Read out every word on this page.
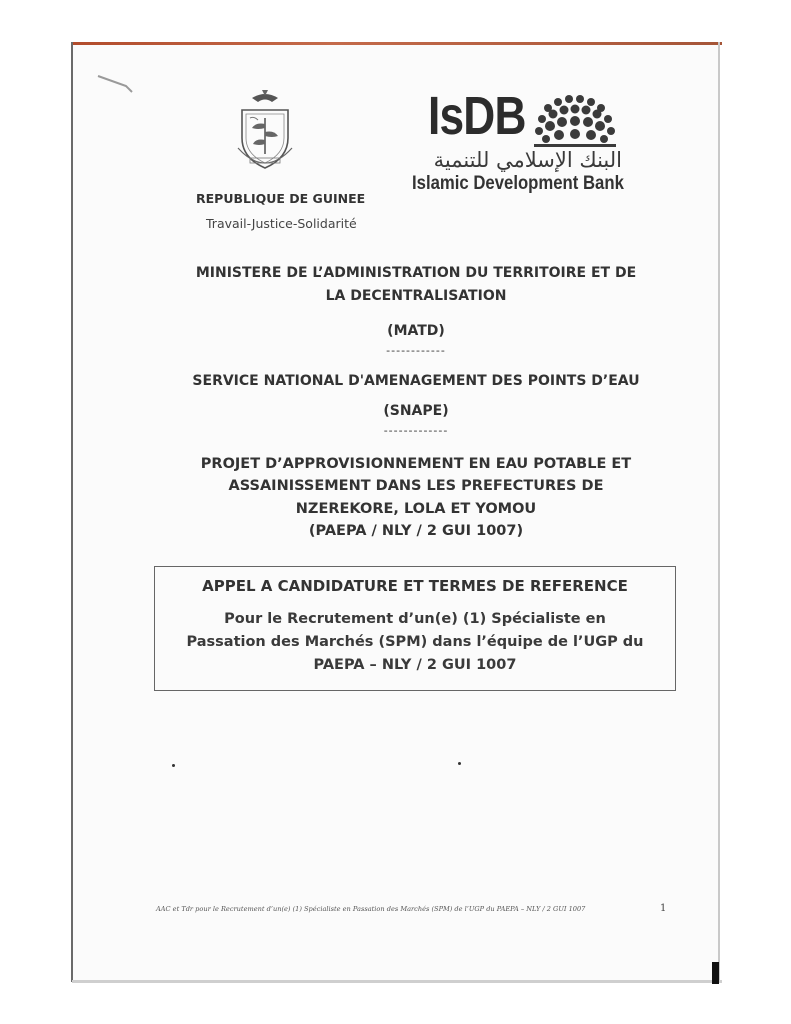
IsDB
البنك الإسلامي للتنمية
Islamic Development Bank
REPUBLIQUE DE GUINEE
Travail-Justice-Solidarité
MINISTERE DE L’ADMINISTRATION DU TERRITOIRE ET DE
LA DECENTRALISATION
(MATD)
------------
SERVICE NATIONAL D'AMENAGEMENT DES POINTS D’EAU
(SNAPE)
-------------
PROJET D’APPROVISIONNEMENT EN EAU POTABLE ET
ASSAINISSEMENT DANS LES PREFECTURES DE
NZEREKORE, LOLA ET YOMOU
(PAEPA / NLY / 2 GUI 1007)
APPEL A CANDIDATURE ET TERMES DE REFERENCE
Pour le Recrutement d’un(e) (1) Spécialiste en
Passation des Marchés (SPM) dans l’équipe de l’UGP du
PAEPA – NLY / 2 GUI 1007
AAC et Tdr pour le Recrutement d’un(e) (1) Spécialiste en Passation des Marchés (SPM) de l’UGP du PAEPA – NLY / 2 GUI 1007	1
